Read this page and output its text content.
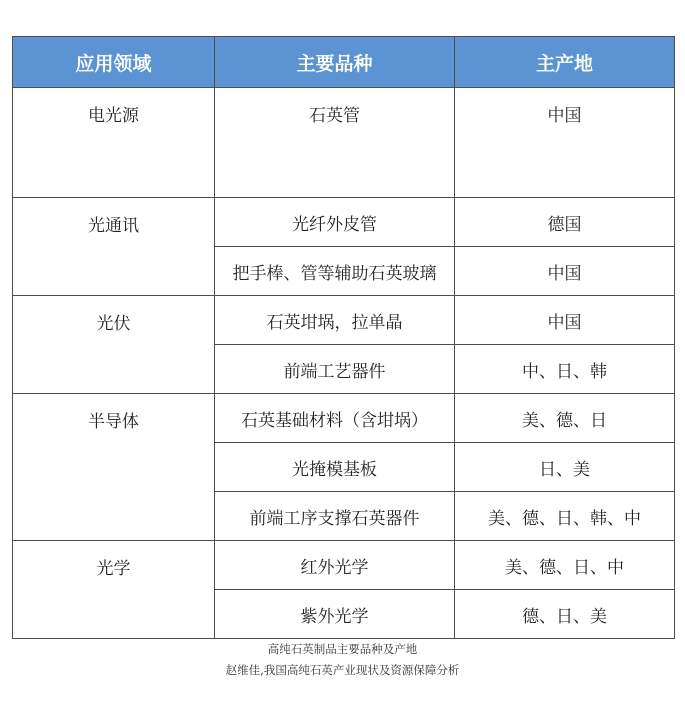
应用领域	主要品种	主产地
电光源	石英管	中国
光通讯	光纤外皮管	德国
	把手棒、管等辅助石英玻璃	中国
光伏	石英坩埚，拉单晶	中国
	前端工艺器件	中、日、韩
半导体	石英基础材料（含坩埚）	美、德、日
	光掩模基板	日、美
	前端工序支撑石英器件	美、德、日、韩、中
光学	红外光学	美、德、日、中
	紫外光学	德、日、美
高纯石英制品主要品种及产地
赵维佳,我国高纯石英产业现状及资源保障分析
